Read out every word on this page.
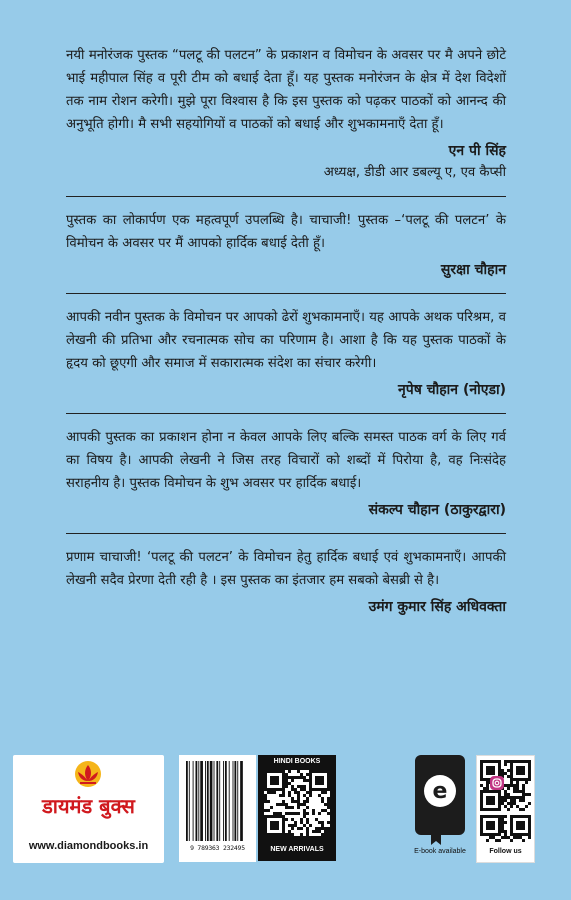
नयी मनोरंजक पुस्तक “पलटू की पलटन” के प्रकाशन व विमोचन के अवसर पर मै अपने छोटे भाई महीपाल सिंह व पूरी टीम को बधाई देता हूँ। यह पुस्तक मनोरंजन के क्षेत्र में देश विदेशों तक नाम रोशन करेगी। मुझे पूरा विश्वास है कि इस पुस्तक को पढ़कर पाठकों को आनन्द की अनुभूति होगी। मै सभी सहयोगियों व पाठकों को बधाई और शुभकामनाएँ देता हूँ।

एन पी सिंह
अध्यक्ष, डीडी आर डबल्यू ए, एव कैप्सी

पुस्तक का लोकार्पण एक महत्वपूर्ण उपलब्धि है। चाचाजी! पुस्तक –‘पलटू की पलटन’ के विमोचन के अवसर पर मैं आपको हार्दिक बधाई देती हूँ।

सुरक्षा चौहान

आपकी नवीन पुस्तक के विमोचन पर आपको ढेरों शुभकामनाएँ। यह आपके अथक परिश्रम, व लेखनी की प्रतिभा और रचनात्मक सोच का परिणाम है। आशा है कि यह पुस्तक पाठकों के हृदय को छूएगी और समाज में सकारात्मक संदेश का संचार करेगी।

नृपेष चौहान (नोएडा)

आपकी पुस्तक का प्रकाशन होना न केवल आपके लिए बल्कि समस्त पाठक वर्ग के लिए गर्व का विषय है। आपकी लेखनी ने जिस तरह विचारों को शब्दों में पिरोया है, वह निःसंदेह सराहनीय है। पुस्तक विमोचन के शुभ अवसर पर हार्दिक बधाई।

संकल्प चौहान (ठाकुरद्वारा)

प्रणाम चाचाजी! ‘पलटू की पलटन’ के विमोचन हेतु हार्दिक बधाई एवं शुभकामनाएँ। आपकी लेखनी सदैव प्रेरणा देती रही है । इस पुस्तक का इंतजार हम सबको बेसब्री से है।

उमंग कुमार सिंह अधिवक्ता
डायमंड बुक्स
www.diamondbooks.in	9 789363 232495
HINDI BOOKS
NEW ARRIVALS
e
E-book available	Follow us
